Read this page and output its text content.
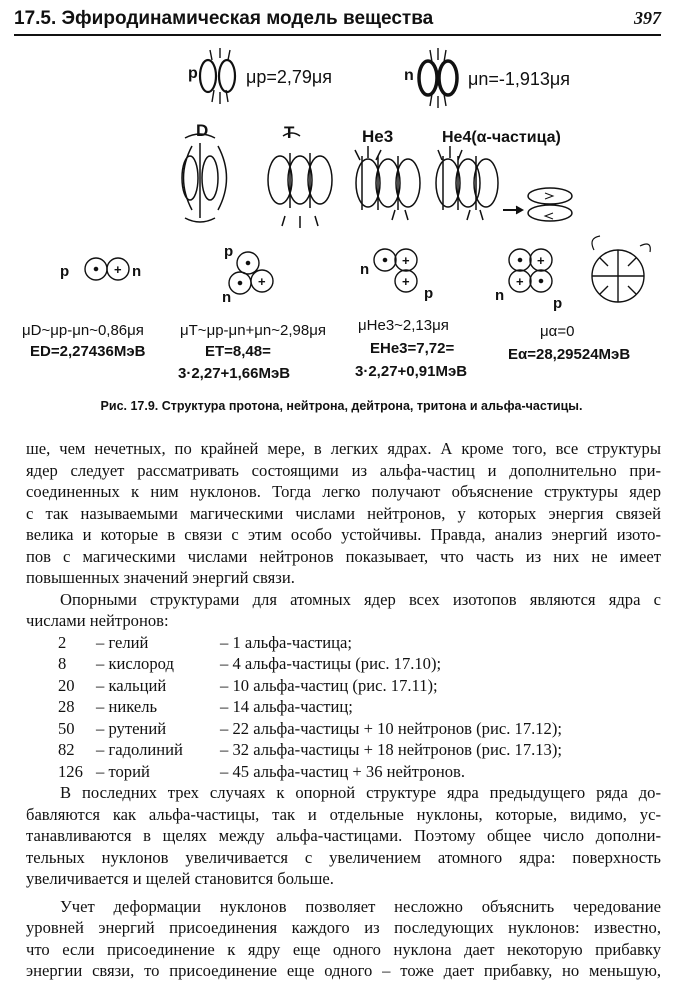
17.5. Эфиродинамическая модель вещества	397
+
+
+
+
+
+
p	μp=2,79μя	n	μn=-1,913μя
D	T	He3	He4(α-частица)
p	n
p
n
n
p	n	p
μD~μp-μn~0,86μя
ED=2,27436МэВ
μT~μp-μn+μn~2,98μя
ET=8,48=
3·2,27+1,66МэВ
μHe3~2,13μя
EHe3=7,72=
3·2,27+0,91МэВ
μα=0
Eα=28,29524МэВ
Рис. 17.9. Структура протона, нейтрона, дейтрона, тритона и альфа-частицы.
ше, чем нечетных, по крайней мере, в легких ядрах. А кроме того, все структуры
ядер следует рассматривать состоящими из альфа-частиц и дополнительно при-
соединенных к ним нуклонов. Тогда легко получают объяснение структуры ядер
с так называемыми магическими числами нейтронов, у которых энергия связей
велика и которые в связи с этим особо устойчивы. Правда, анализ энергий изото-
пов с магическими числами нейтронов показывает, что часть из них не имеет
повышенных значений энергий связи.
Опорными структурами для атомных ядер всех изотопов являются ядра с
числами нейтронов:
2	– гелий	– 1 альфа-частица;
8	– кислород	– 4 альфа-частицы (рис. 17.10);
20	– кальций	– 10 альфа-частиц (рис. 17.11);
28	– никель	– 14 альфа-частиц;
50	– рутений	– 22 альфа-частицы + 10 нейтронов (рис. 17.12);
82	– гадолиний	– 32 альфа-частицы + 18 нейтронов (рис. 17.13);
126 – торий	– 45 альфа-частиц + 36 нейтронов.
В последних трех случаях к опорной структуре ядра предыдущего ряда до-
бавляются как альфа-частицы, так и отдельные нуклоны, которые, видимо, ус-
танавливаются в щелях между альфа-частицами. Поэтому общее число дополни-
тельных нуклонов увеличивается с увеличением атомного ядра: поверхность
увеличивается и щелей становится больше.
Учет деформации нуклонов позволяет несложно объяснить чередование
уровней энергий присоединения каждого из последующих нуклонов: известно,
что если присоединение к ядру еще одного нуклона дает некоторую прибавку
энергии связи, то присоединение еще одного – тоже дает прибавку, но меньшую,
